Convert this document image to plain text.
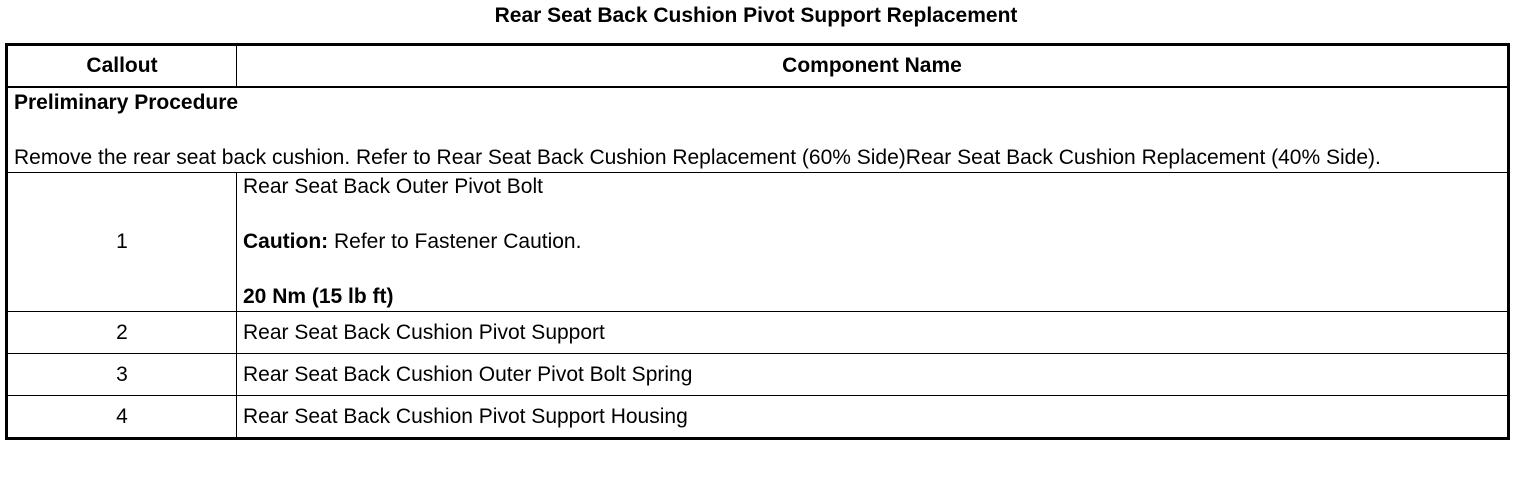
Rear Seat Back Cushion Pivot Support Replacement
Callout	Component Name

Preliminary Procedure
Remove the rear seat back cushion. Refer to Rear Seat Back Cushion Replacement (60% Side)Rear Seat Back Cushion Replacement (40% Side).	

1	Rear Seat Back Outer Pivot Bolt
Caution: Refer to Fastener Caution.
20 Nm (15 lb ft)

2	Rear Seat Back Cushion Pivot Support
3	Rear Seat Back Cushion Outer Pivot Bolt Spring
4	Rear Seat Back Cushion Pivot Support Housing
